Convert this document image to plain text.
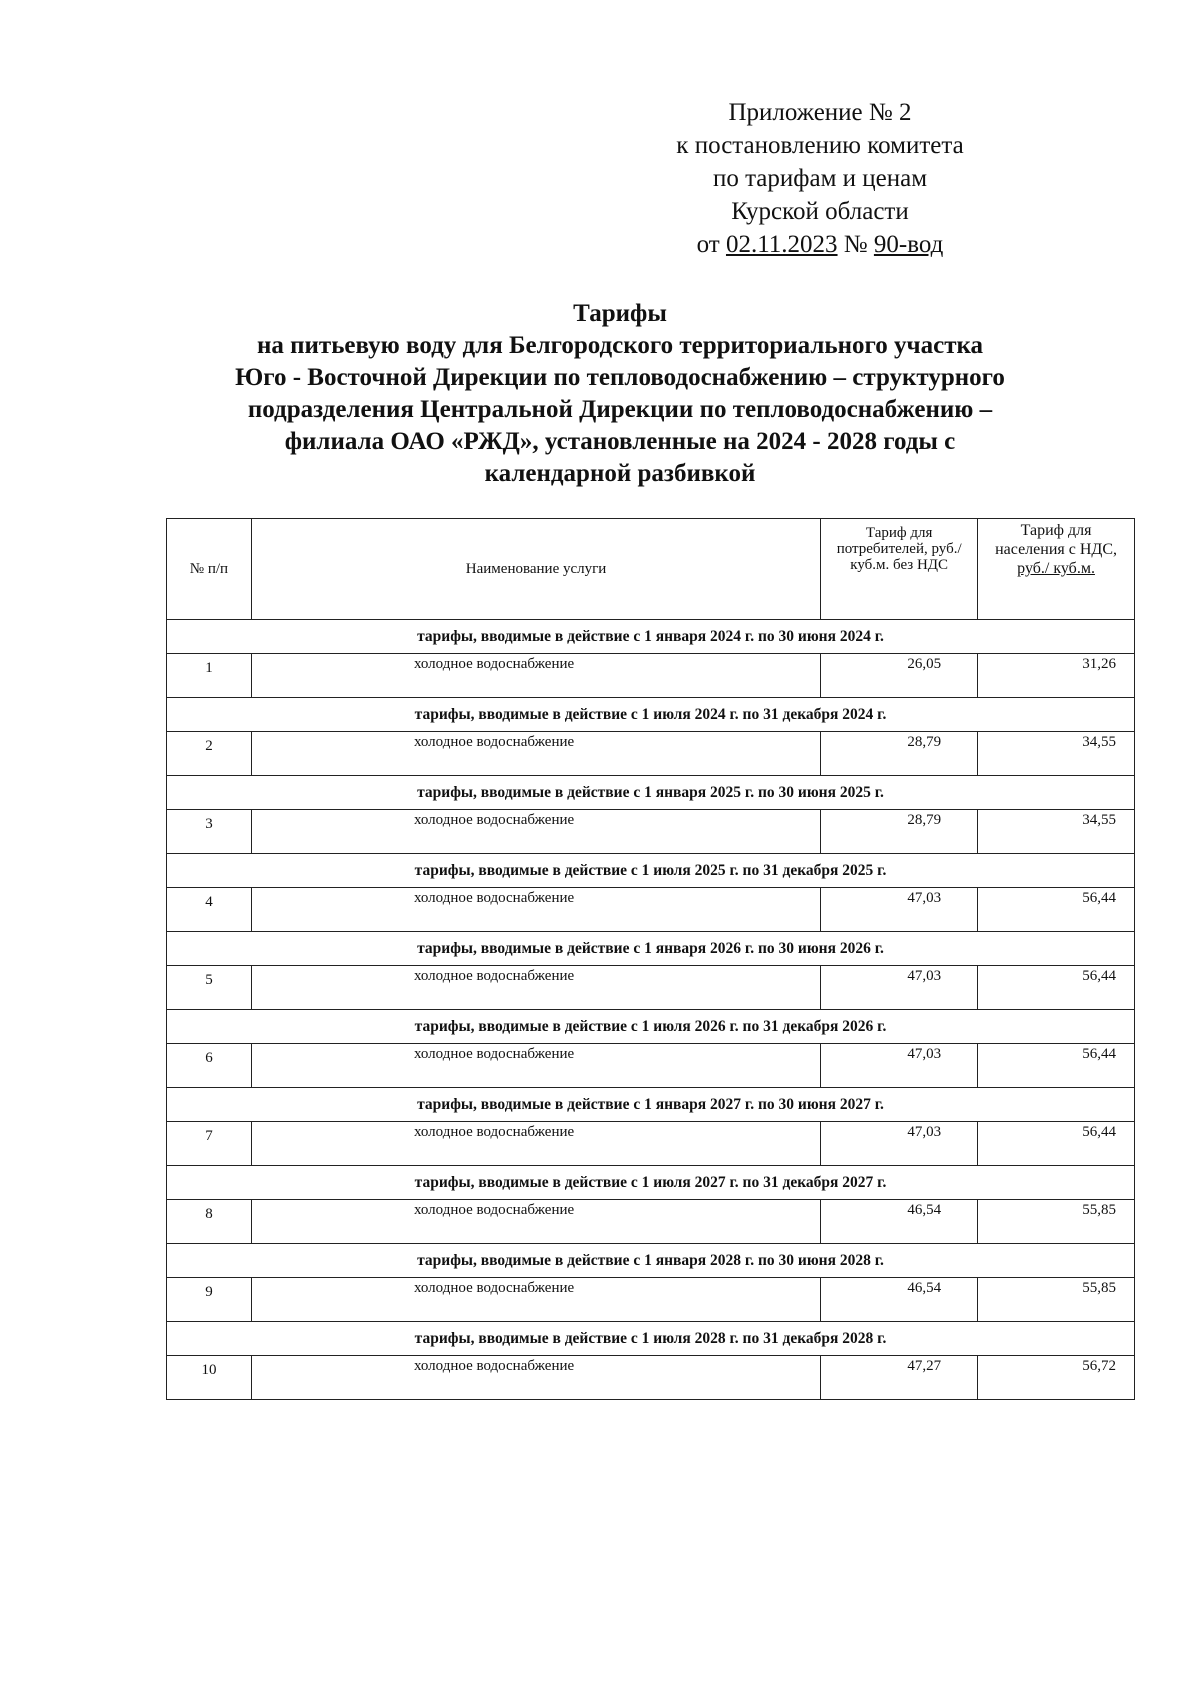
Приложение № 2
к постановлению комитета
по тарифам и ценам
Курской области
от 02.11.2023 № 90-вод
Тарифы
на питьевую воду для Белгородского территориального участка
Юго - Восточной Дирекции по тепловодоснабжению – структурного
подразделения Центральной Дирекции по тепловодоснабжению –
филиала ОАО «РЖД», установленные на 2024 - 2028 годы с
календарной разбивкой
№ п/п	Наименование услуги	Тариф для потребителей, руб./ куб.м. без НДС	Тариф для населения с НДС,
руб./ куб.м.
тарифы, вводимые в действие с 1 января 2024 г. по 30 июня 2024 г.			
1	холодное водоснабжение	26,05	31,26
тарифы, вводимые в действие с 1 июля 2024 г. по 31 декабря 2024 г.			
2	холодное водоснабжение	28,79	34,55
тарифы, вводимые в действие с 1 января 2025 г. по 30 июня 2025 г.			
3	холодное водоснабжение	28,79	34,55
тарифы, вводимые в действие с 1 июля 2025 г. по 31 декабря 2025 г.			
4	холодное водоснабжение	47,03	56,44
тарифы, вводимые в действие с 1 января 2026 г. по 30 июня 2026 г.			
5	холодное водоснабжение	47,03	56,44
тарифы, вводимые в действие с 1 июля 2026 г. по 31 декабря 2026 г.			
6	холодное водоснабжение	47,03	56,44
тарифы, вводимые в действие с 1 января 2027 г. по 30 июня 2027 г.			
7	холодное водоснабжение	47,03	56,44
тарифы, вводимые в действие с 1 июля 2027 г. по 31 декабря 2027 г.			
8	холодное водоснабжение	46,54	55,85
тарифы, вводимые в действие с 1 января 2028 г. по 30 июня 2028 г.			
9	холодное водоснабжение	46,54	55,85
тарифы, вводимые в действие с 1 июля 2028 г. по 31 декабря 2028 г.			
10	холодное водоснабжение	47,27	56,72
